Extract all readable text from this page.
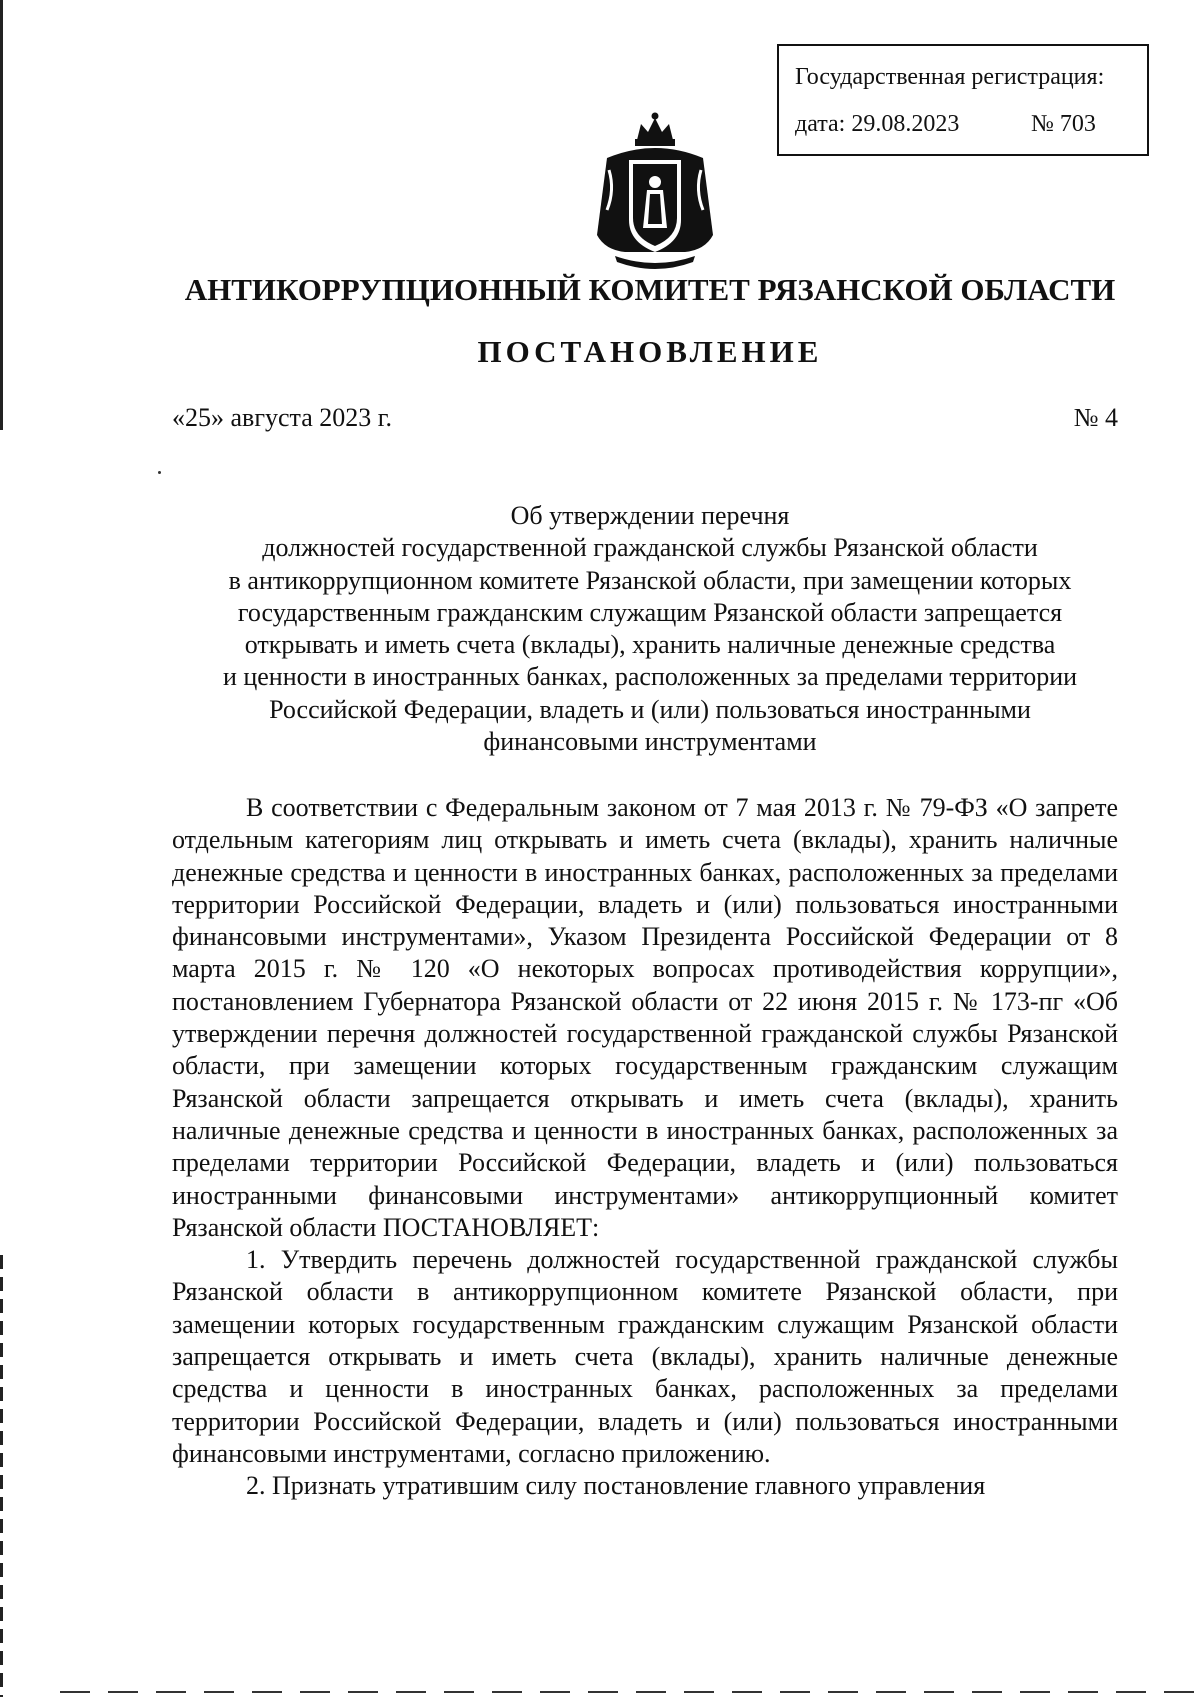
Государственная регистрация:
дата: 29.08.2023	№ 703
АНТИКОРРУПЦИОННЫЙ КОМИТЕТ РЯЗАНСКОЙ ОБЛАСТИ
ПОСТАНОВЛЕНИЕ
«25» августа 2023 г.	№ 4
Об утверждении перечня
должностей государственной гражданской службы Рязанской области
в антикоррупционном комитете Рязанской области, при замещении которых
государственным гражданским служащим Рязанской области запрещается
открывать и иметь счета (вклады), хранить наличные денежные средства
и ценности в иностранных банках, расположенных за пределами территории
Российской Федерации, владеть и (или) пользоваться иностранными
финансовыми инструментами

В соответствии с Федеральным законом от 7 мая 2013 г. № 79-ФЗ «О запрете отдельным категориям лиц открывать и иметь счета (вклады), хранить наличные денежные средства и ценности в иностранных банках, расположенных за пределами территории Российской Федерации, владеть и (или) пользоваться иностранными финансовыми инструментами», Указом Президента Российской Федерации от 8 марта 2015 г. № 120 «О некоторых вопросах противодействия коррупции», постановлением Губернатора Рязанской области от 22 июня 2015 г. № 173-пг «Об утверждении перечня должностей государственной гражданской службы Рязанской области, при замещении которых государственным гражданским служащим Рязанской области запрещается открывать и иметь счета (вклады), хранить наличные денежные средства и ценности в иностранных банках, расположенных за пределами территории Российской Федерации, владеть и (или) пользоваться иностранными финансовыми инструментами» антикоррупционный комитет Рязанской области ПОСТАНОВЛЯЕТ:

1. Утвердить перечень должностей государственной гражданской службы Рязанской области в антикоррупционном комитете Рязанской области, при замещении которых государственным гражданским служащим Рязанской области запрещается открывать и иметь счета (вклады), хранить наличные денежные средства и ценности в иностранных банках, расположенных за пределами территории Российской Федерации, владеть и (или) пользоваться иностранными финансовыми инструментами, согласно приложению.

2. Признать утратившим силу постановление главного управления
